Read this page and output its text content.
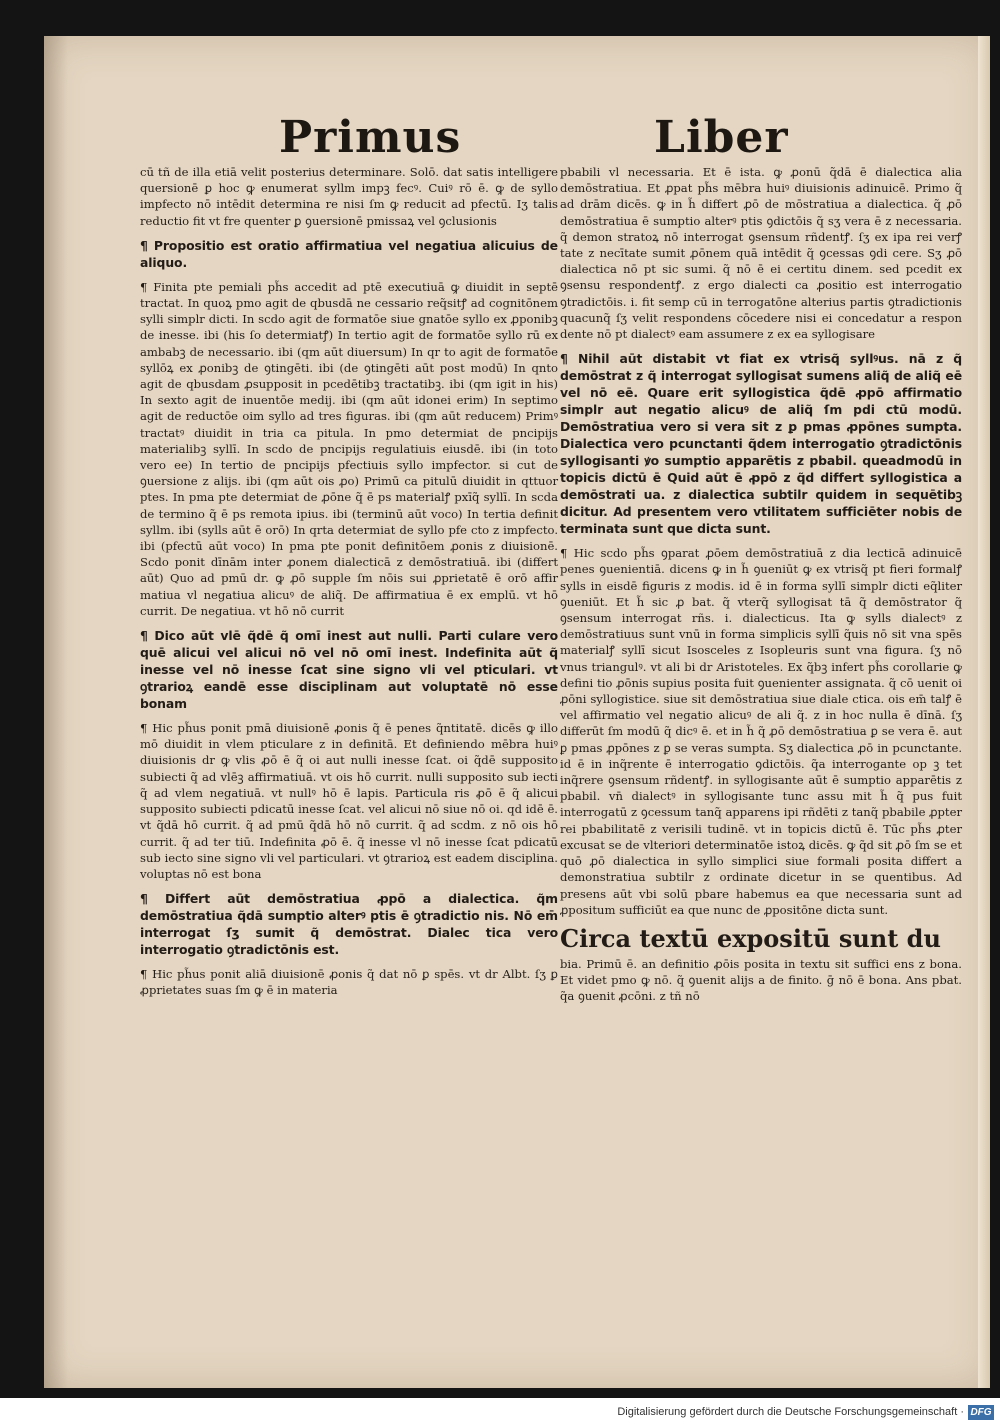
Primus	Liber

cū tñ de illa etiā velit posterius determinare. Solō. dat satis intelligere quersionē ꝑ hoc ꝙ enumerat syllm impꝫ fecꝰ. Cuiꝰ rō ē. ꝙ de syllo impfecto nō intēdit determina re nisi ſm ꝙ reducit ad pfectū. Iʒ talis reductio fit vt fre quenter ꝑ ꝯuersionē pmissaꝝ vel ꝯclusionis

¶ Propositio est oratio affirmatiua vel negatiua alicuius de aliquo.

¶ Finita pte pemiali ph̃s accedit ad ptē executiuā ꝙ diuidit in septē tractat. In quoꝝ pmo agit de qbusdā ne cessario req̃sitꝭ ad cognitōnem sylli simplr dicti. In scdo agit de formatōe siue gnatōe syllo ex ꝓponibꝫ de inesse. ibi (his ſo determiatꝭ) In tertio agit de formatōe syllo rū ex ambabꝫ de necessario. ibi (qm aūt diuersum) In qr to agit de formatōe syllōꝝ ex ꝓonibꝫ de ꝯtingēti. ibi (de ꝯtingēti aūt post modū) In qnto agit de qbusdam ꝓsupposit in pcedētibꝫ tractatibꝫ. ibi (qm igit in his) In sexto agit de inuentōe medij. ibi (qm aūt idonei erim) In septimo agit de reductōe oim syllo ad tres figuras. ibi (qm aūt reducem) Primꝰ tractatꝰ diuidit in tria ca pitula. In pmo determiat de pncipijs materialibꝫ syllī. In scdo de pncipijs regulatiuis eiusdē. ibi (in toto vero ee) In tertio de pncipijs pfectiuis syllo impfector. si cut de ꝯuersione z alijs. ibi (qm aūt ois ꝓo) Primū ca pitulū diuidit in qttuor ptes. In pma pte determiat de ꝓōne q̃ ē ps materialꝭ pxīq̃ syllī. In scda de termino q̃ ē ps remota ipius. ibi (terminū aūt voco) In tertia definit syllm. ibi (sylls aūt ē orō) In qrta determiat de syllo pfe cto z impfecto. ibi (pfectū aūt voco) In pma pte ponit definitōem ꝓonis z diuisionē. Scdo ponit dīnām inter ꝓonem dialecticā z demōstratiuā. ibi (differt aūt) Quo ad pmū dr. ꝙ ꝓō supple ſm nōis sui ꝓprietatē ē orō affir matiua vl negatiua alicuꝰ de aliq̃. De affirmatiua ē ex emplū. vt hō currit. De negatiua. vt hō nō currit

¶ Dico aūt vlē q̃dē q̃ omī inest aut nulli. Parti culare vero quē alicui vel alicui nō vel nō omī inest. Indefinita aūt q̃ inesse vel nō inesse ſcat sine signo vli vel pticulari. vt ꝯtrarioꝝ eandē esse disciplinam aut voluptatē nō esse bonam

¶ Hic ph̃us ponit pmā diuisionē ꝓonis q̃ ē penes q̃ntitatē. dicēs ꝙ illo mō diuidit in vlem pticulare z in definitā. Et definiendo mēbra huiꝰ diuisionis dr ꝙ vlis ꝓō ē q̃ oi aut nulli inesse ſcat. oi q̃dē supposito subiecti q̃ ad vlēꝫ affirmatiuā. vt ois hō currit. nulli supposito sub iecti q̃ ad vlem negatiuā. vt nullꝰ hō ē lapis. Particula ris ꝓō ē q̃ alicui supposito subiecti pdicatū inesse ſcat. vel alicui nō siue nō oi. qd idē ē. vt q̃dā hō currit. q̃ ad pmū q̃dā hō nō currit. q̃ ad scdm. z nō ois hō currit. q̃ ad ter tiū. Indefinita ꝓō ē. q̃ inesse vl nō inesse ſcat pdicatū sub iecto sine signo vli vel particulari. vt ꝯtrarioꝝ est eadem disciplina. voluptas nō est bona

¶ Differt aūt demōstratiua ꝓpō a dialectica. q̃m demōstratiua q̃dā sumptio alterꝰ ptis ē ꝯtradictio nis. Nō em̄ interrogat ſʒ sumit q̃ demōstrat. Dialec tica vero interrogatio ꝯtradictōnis est.

¶ Hic ph̃us ponit aliā diuisionē ꝓonis q̃ dat nō ꝑ spēs. vt dr Albt. ſʒ ꝑ ꝓprietates suas ſm ꝙ ē in materia

pbabili vl necessaria. Et ē ista. ꝙ ꝓonū q̃dā ē dialectica alia demōstratiua. Et ꝓpat ph̃s mēbra huiꝰ diuisionis adinuicē. Primo q̃ ad drām dicēs. ꝙ in h̃ differt ꝓō de mōstratiua a dialectica. q̃ ꝓō demōstratiua ē sumptio alterꝰ ptis ꝯdictōis q̃ sʒ vera ē z necessaria. q̃ demon stratoꝝ nō interrogat ꝯsensum rñdentꝭ. ſʒ ex ipa rei verꝭ tate z necītate sumit ꝓōnem quā intēdit q̃ ꝯcessas ꝯdi cere. Sʒ ꝓō dialectica nō pt sic sumi. q̃ nō ē ei certitu dinem. sed pcedit ex ꝯsensu respondentꝭ. z ergo dialecti ca ꝓositio est interrogatio ꝯtradictōis. i. fit semp cū in terrogatōne alterius partis ꝯtradictionis quacunq̃ ſʒ velit respondens cōcedere nisi ei concedatur a respon dente nō pt dialectꝰ eam assumere z ex ea syllogisare

¶ Nihil aūt distabit vt fiat ex vtrisq̃ syllꝰus. nā z q̃ demōstrat z q̃ interrogat syllogisat sumens aliq̃ de aliq̃ eē vel nō eē. Quare erit syllogistica q̃dē ꝓpō affirmatio simplr aut negatio alicuꝰ de aliq̃ ſm pdi ctū modū. Demōstratiua vero si vera sit z ꝑ pmas ꝓpōnes sumpta. Dialectica vero pcunctanti q̃dem interrogatio ꝯtradictōnis syllogisanti ꝟo sumptio apparētis z pbabil. queadmodū in topicis dictū ē Quid aūt ē ꝓpō z q̃d differt syllogistica a demōstrati ua. z dialectica subtilr quidem in sequētibꝫ dicitur. Ad presentem vero vtilitatem sufficiēter nobis de terminata sunt que dicta sunt.

¶ Hic scdo ph̃s ꝯparat ꝓōem demōstratiuā z dia lecticā adinuicē penes ꝯuenientiā. dicens ꝙ in h̃ ꝯueniūt ꝙ ex vtrisq̃ pt fieri formalꝭ sylls in eisdē figuris z modis. id ē in forma syllī simplr dicti eq̃liter ꝯueniūt. Et h̃ sic ꝓ bat. q̃ vterq̃ syllogisat tā q̃ demōstrator q̃ ꝯsensum interrogat rñs. i. dialecticus. Ita ꝙ sylls dialectꝰ z demōstratiuus sunt vnū in forma simplicis syllī q̃uis nō sit vna spēs materialꝭ syllī sicut Isosceles z Isopleuris sunt vna figura. ſʒ nō vnus triangulꝰ. vt ali bi dr Aristoteles. Ex q̃bꝫ infert ph̃s corollarie ꝙ defini tio ꝓōnis supius posita fuit ꝯuenienter assignata. q̃ cō uenit oi ꝓōni syllogistice. siue sit demōstratiua siue diale ctica. ois em̄ talꝭ ē vel affirmatio vel negatio alicuꝰ de ali q̃. z in hoc nulla ē dīnā. ſʒ differūt ſm modū q̃ dicꝰ ē. et in h̃ q̃ ꝓō demōstratiua ꝑ se vera ē. aut ꝑ pmas ꝓpōnes z ꝑ se veras sumpta. Sʒ dialectica ꝓō in pcunctante. id ē in inq̃rente ē interrogatio ꝯdictōis. q̃a interrogante op ꝫ tet inq̃rere ꝯsensum rñdentꝭ. in syllogisante aūt ē sumptio apparētis z pbabil. vn̄ dialectꝰ in syllogisante tunc assu mit h̃ q̃ pus fuit interrogatū z ꝯcessum tanq̃ apparens ipi rñdēti z tanq̃ pbabile ꝓpter rei pbabilitatē z verisili tudinē. vt in topicis dictū ē. Tūc ph̃s ꝓter excusat se de vlteriori determinatōe istoꝝ dicēs. ꝙ q̃d sit ꝓō ſm se et quō ꝓō dialectica in syllo simplici siue formali posita differt a demonstratiua subtilr z ordinate dicetur in se quentibus. Ad presens aūt vbi solū pbare habemus ea que necessaria sunt ad ꝓpositum sufficiūt ea que nunc de ꝓpositōne dicta sunt.

Circa textū expositū sunt du

bia. Primū ē. an definitio ꝓōis posita in textu sit suffici ens z bona. Et videt pmo ꝙ nō. q̃ ꝯuenit alijs a de finito. ḡ nō ē bona. Ans pbat. q̃a ꝯuenit ꝓcōni. z tñ nō

Digitalisierung gefördert durch die Deutsche Forschungsgemeinschaft · DFG
